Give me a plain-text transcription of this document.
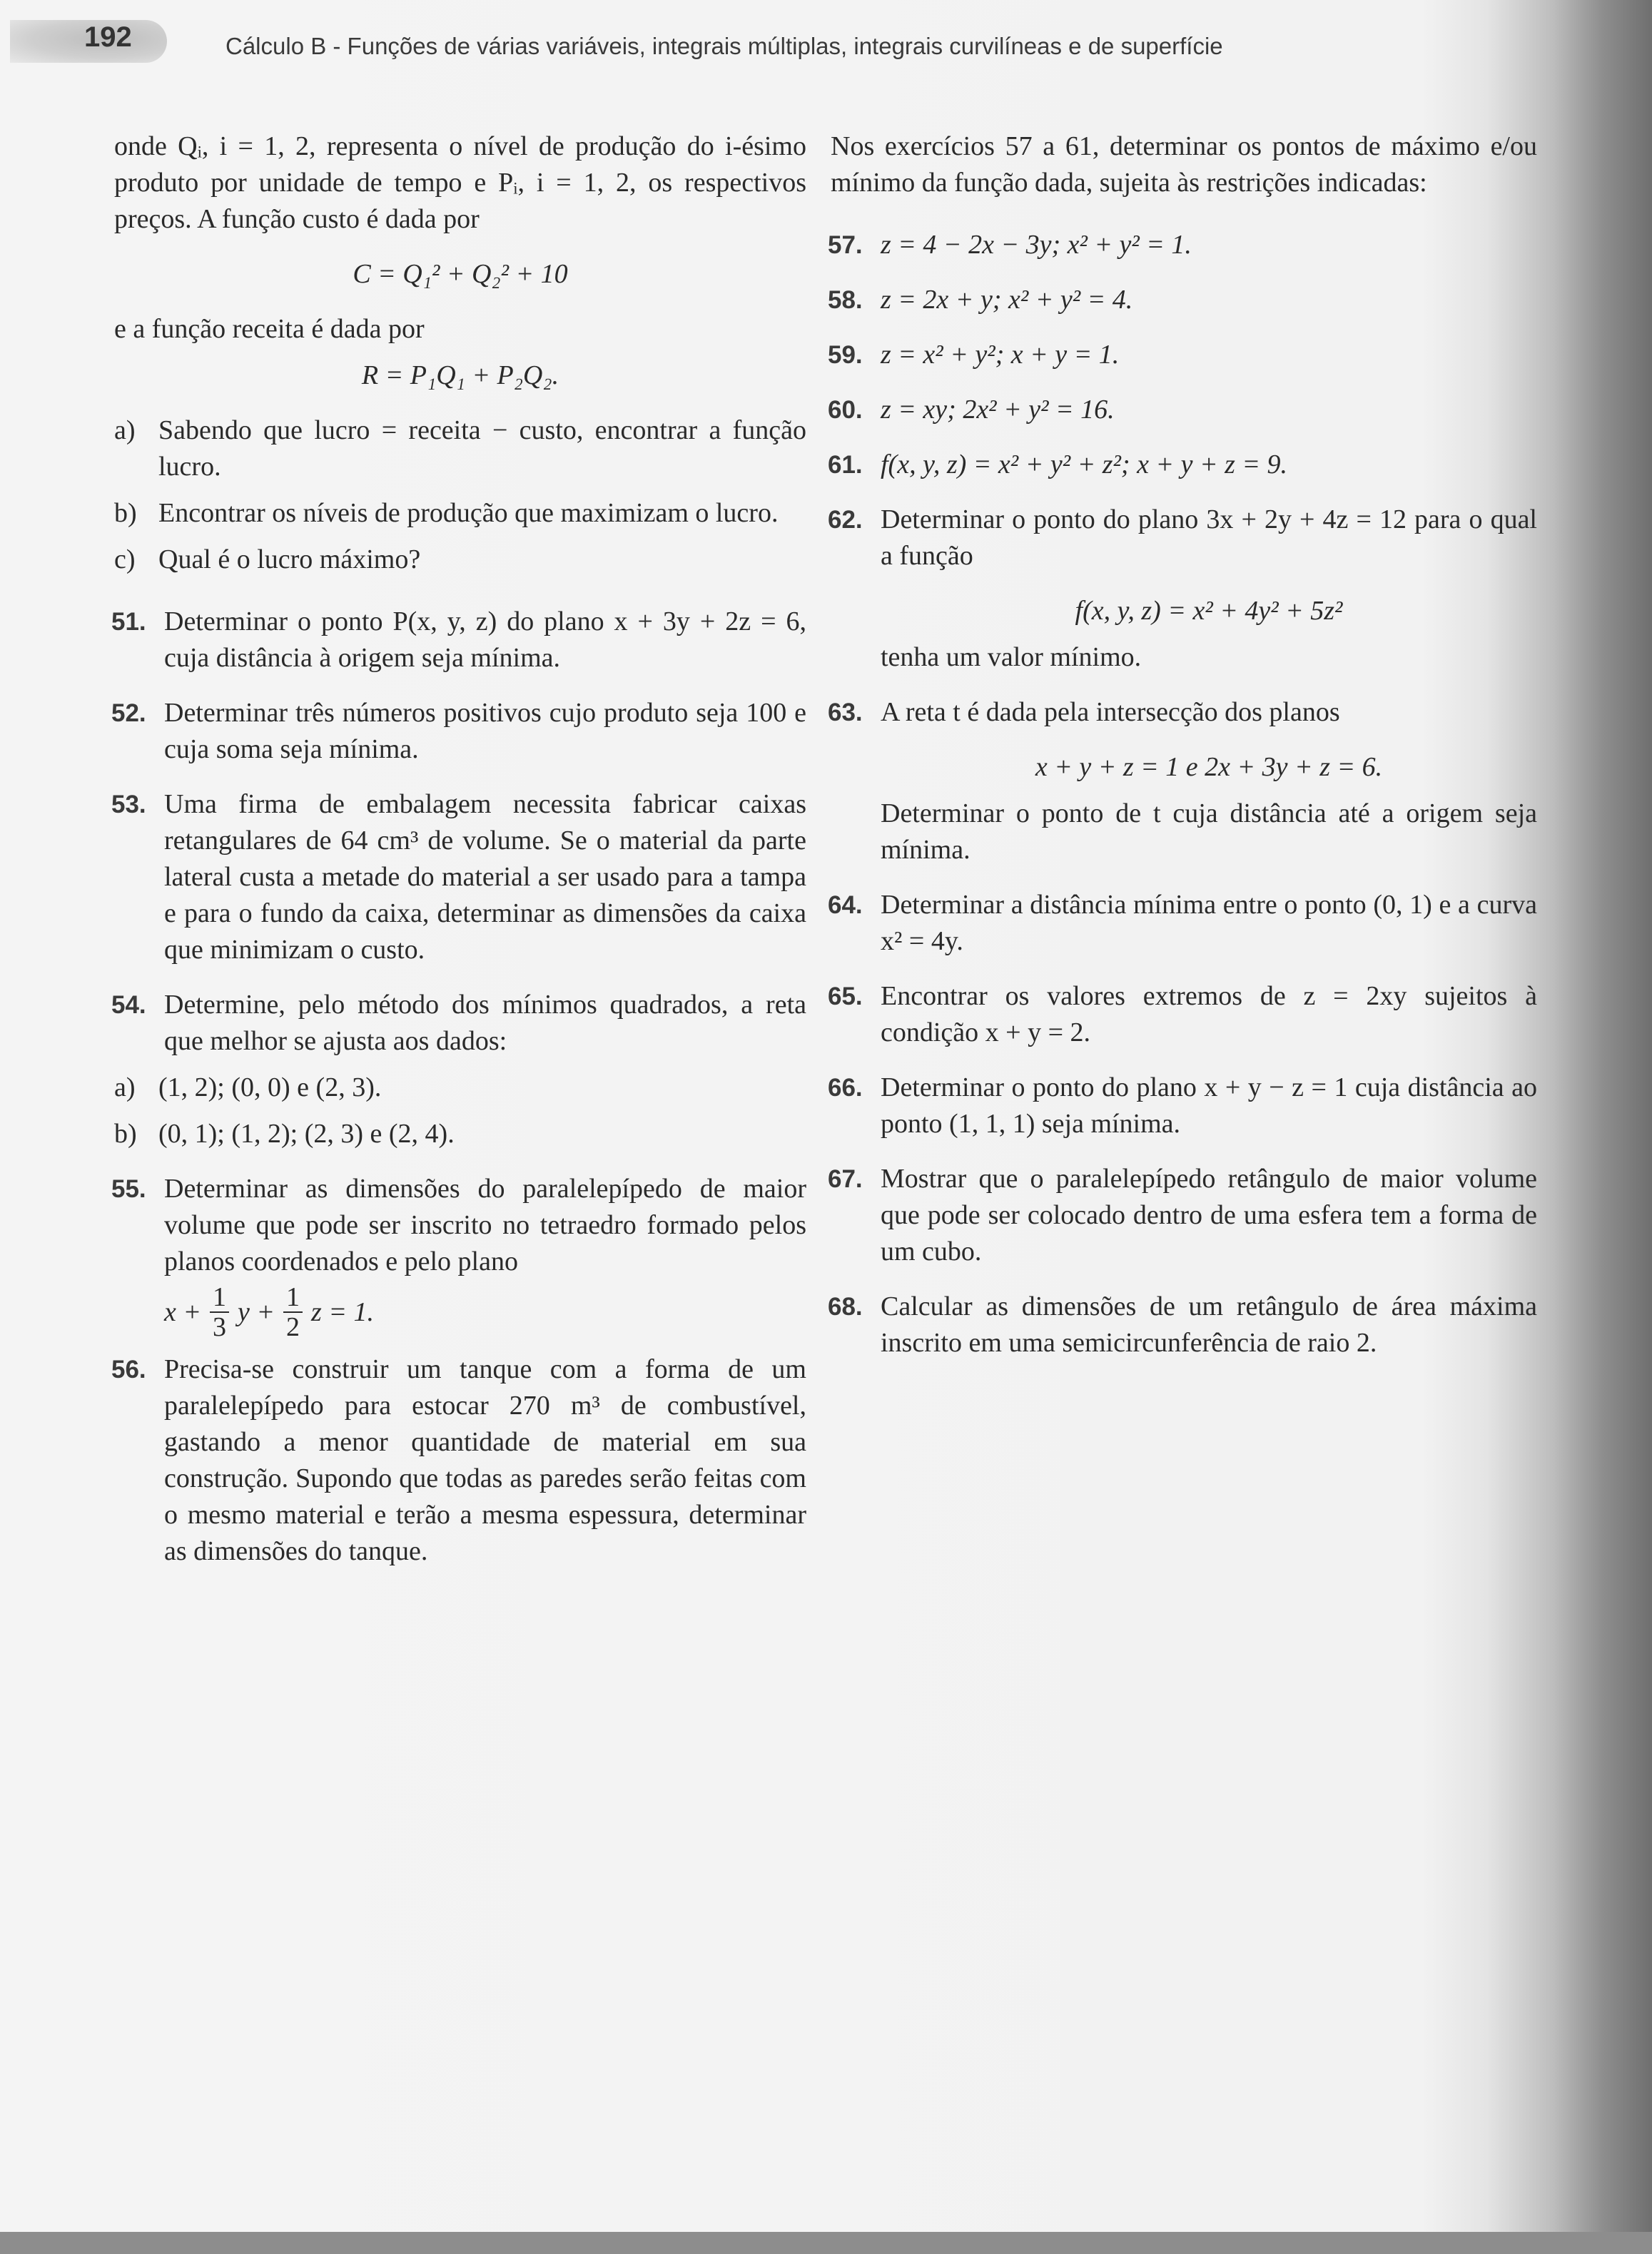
192	Cálculo B - Funções de várias variáveis, integrais múltiplas, integrais curvilíneas e de superfície

onde Qᵢ, i = 1, 2, representa o nível de produção do i-ésimo produto por unidade de tempo e Pᵢ, i = 1, 2, os respectivos preços. A função custo é dada por

C = Q₁² + Q₂² + 10

e a função receita é dada por

R = P₁Q₁ + P₂Q₂.

a) Sabendo que lucro = receita − custo, encontrar a função lucro.
b) Encontrar os níveis de produção que maximizam o lucro.
c) Qual é o lucro máximo?
51. Determinar o ponto P(x, y, z) do plano x + 3y + 2z = 6, cuja distância à origem seja mínima.
52. Determinar três números positivos cujo produto seja 100 e cuja soma seja mínima.
53. Uma firma de embalagem necessita fabricar caixas retangulares de 64 cm³ de volume. Se o material da parte lateral custa a metade do material a ser usado para a tampa e para o fundo da caixa, determinar as dimensões da caixa que minimizam o custo.
54. Determine, pelo método dos mínimos quadrados, a reta que melhor se ajusta aos dados:
a) (1, 2); (0, 0) e (2, 3).
b) (0, 1); (1, 2); (2, 3) e (2, 4).
55. Determinar as dimensões do paralelepípedo de maior volume que pode ser inscrito no tetraedro formado pelos planos coordenados e pelo plano
$x + \frac{1}{3}$ $y + \frac{1}{2}$ z = 1.
56. Precisa-se construir um tanque com a forma de um paralelepípedo para estocar 270 m³ de combustível, gastando a menor quantidade de material em sua construção. Supondo que todas as paredes serão feitas com o mesmo material e terão a mesma espessura, determinar as dimensões do tanque.

Nos exercícios 57 a 61, determinar os pontos de máximo e/ou mínimo da função dada, sujeita às restrições indicadas:

57. z = 4 − 2x − 3y; x² + y² = 1.
58. z = 2x + y; x² + y² = 4.
59. z = x² + y²; x + y = 1.
60. z = xy; 2x² + y² = 16.
61. f(x, y, z) = x² + y² + z²; x + y + z = 9.
62. Determinar o ponto do plano 3x + 2y + 4z = 12 para o qual a função

f(x, y, z) = x² + 4y² + 5z²

tenha um valor mínimo.

63. A reta t é dada pela intersecção dos planos

x + y + z = 1 e 2x + 3y + z = 6.

Determinar o ponto de t cuja distância até a origem seja mínima.

64. Determinar a distância mínima entre o ponto (0, 1) e a curva x² = 4y.
65. Encontrar os valores extremos de z = 2xy sujeitos à condição x + y = 2.
66. Determinar o ponto do plano x + y − z = 1 cuja distância ao ponto (1, 1, 1) seja mínima.
67. Mostrar que o paralelepípedo retângulo de maior volume que pode ser colocado dentro de uma esfera tem a forma de um cubo.
68. Calcular as dimensões de um retângulo de área máxima inscrito em uma semicircunferência de raio 2.
